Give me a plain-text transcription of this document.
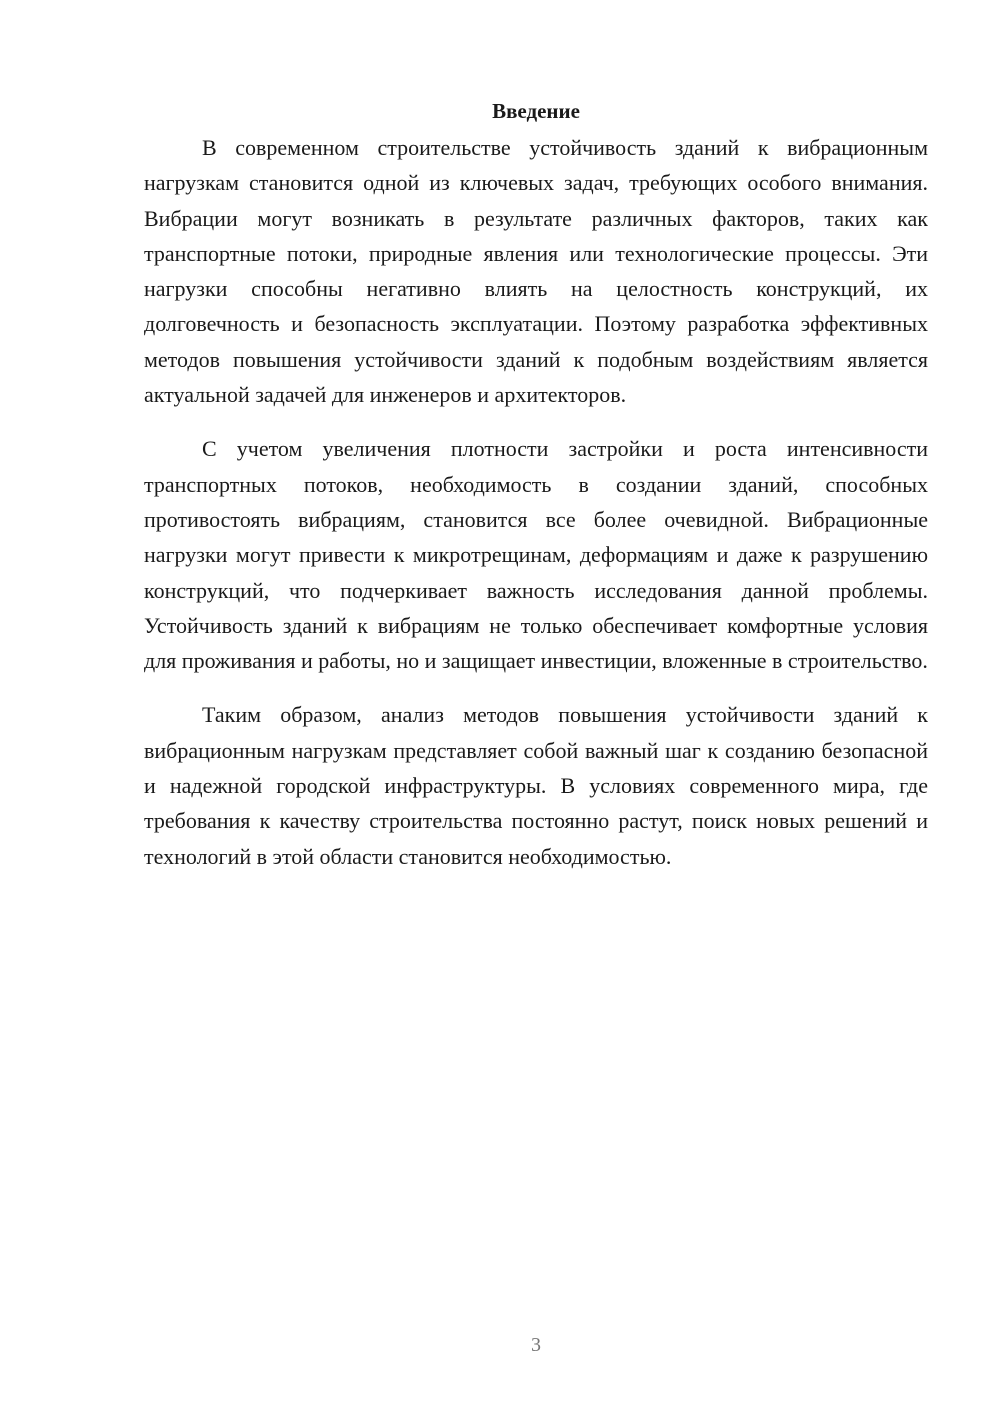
Введение

В современном строительстве устойчивость зданий к вибрационным нагрузкам становится одной из ключевых задач, требующих особого внимания. Вибрации могут возникать в результате различных факторов, таких как транспортные потоки, природные явления или технологические процессы. Эти нагрузки способны негативно влиять на целостность конструкций, их долговечность и безопасность эксплуатации. Поэтому разработка эффективных методов повышения устойчивости зданий к подобным воздействиям является актуальной задачей для инженеров и архитекторов.

С учетом увеличения плотности застройки и роста интенсивности транспортных потоков, необходимость в создании зданий, способных противостоять вибрациям, становится все более очевидной. Вибрационные нагрузки могут привести к микротрещинам, деформациям и даже к разрушению конструкций, что подчеркивает важность исследования данной проблемы. Устойчивость зданий к вибрациям не только обеспечивает комфортные условия для проживания и работы, но и защищает инвестиции, вложенные в строительство.

Таким образом, анализ методов повышения устойчивости зданий к вибрационным нагрузкам представляет собой важный шаг к созданию безопасной и надежной городской инфраструктуры. В условиях современного мира, где требования к качеству строительства постоянно растут, поиск новых решений и технологий в этой области становится необходимостью.

3
